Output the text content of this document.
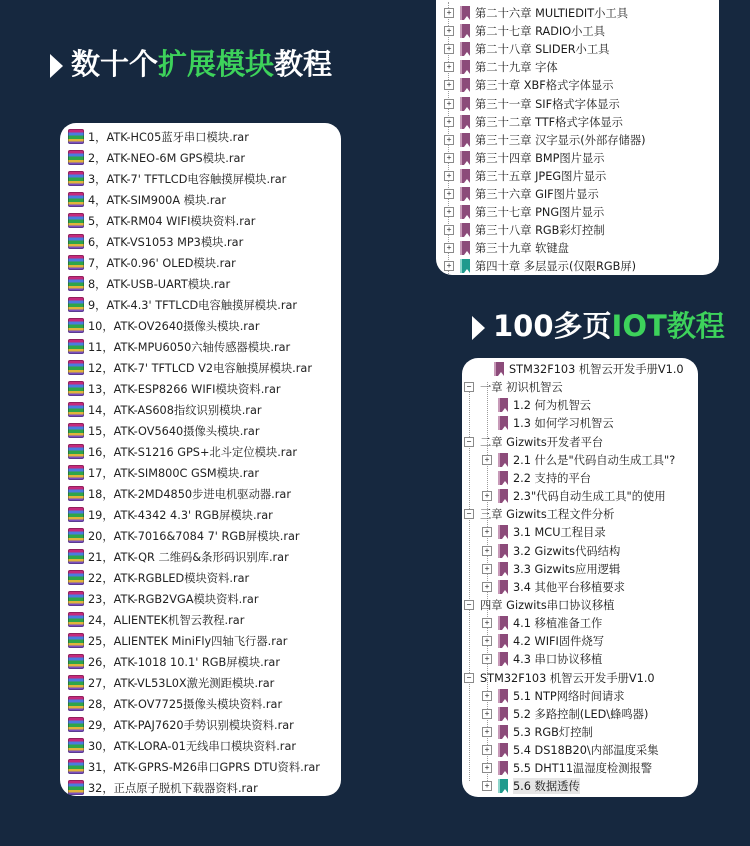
数十个扩展模块教程
100多页IOT教程
1，ATK-HC05蓝牙串口模块.rar
2，ATK-NEO-6M GPS模块.rar
3，ATK-7' TFTLCD电容触摸屏模块.rar
4，ATK-SIM900A 模块.rar
5，ATK-RM04 WIFI模块资料.rar
6，ATK-VS1053 MP3模块.rar
7，ATK-0.96' OLED模块.rar
8，ATK-USB-UART模块.rar
9，ATK-4.3' TFTLCD电容触摸屏模块.rar
10，ATK-OV2640摄像头模块.rar
11，ATK-MPU6050六轴传感器模块.rar
12，ATK-7' TFTLCD V2电容触摸屏模块.rar
13，ATK-ESP8266 WIFI模块资料.rar
14，ATK-AS608指纹识别模块.rar
15，ATK-OV5640摄像头模块.rar
16，ATK-S1216 GPS+北斗定位模块.rar
17，ATK-SIM800C GSM模块.rar
18，ATK-2MD4850步进电机驱动器.rar
19，ATK-4342 4.3' RGB屏模块.rar
20，ATK-7016&7084 7' RGB屏模块.rar
21，ATK-QR 二维码&条形码识别库.rar
22，ATK-RGBLED模块资料.rar
23，ATK-RGB2VGA模块资料.rar
24，ALIENTEK机智云教程.rar
25，ALIENTEK MiniFly四轴飞行器.rar
26，ATK-1018 10.1' RGB屏模块.rar
27，ATK-VL53L0X激光测距模块.rar
28，ATK-OV7725摄像头模块资料.rar
29，ATK-PAJ7620手势识别模块资料.rar
30，ATK-LORA-01无线串口模块资料.rar
31，ATK-GPRS-M26串口GPRS DTU资料.rar
32，正点原子脱机下载器资料.rar
+ 第二十六章 MULTIEDIT小工具
+ 第二十七章 RADIO小工具
+ 第二十八章 SLIDER小工具
+ 第二十九章 字体
+ 第三十章 XBF格式字体显示
+ 第三十一章 SIF格式字体显示
+ 第三十二章 TTF格式字体显示
+ 第三十三章 汉字显示(外部存储器)
+ 第三十四章 BMP图片显示
+ 第三十五章 JPEG图片显示
+ 第三十六章 GIF图片显示
+ 第三十七章 PNG图片显示
+ 第三十八章 RGB彩灯控制
+ 第三十九章 软键盘
+ 第四十章 多层显示(仅限RGB屏)
STM32F103 机智云开发手册V1.0
− 一章 初识机智云
1.2 何为机智云
1.3 如何学习机智云
− 二章 Gizwits开发者平台
+ 2.1 什么是"代码自动生成工具"?
2.2 支持的平台
+ 2.3"代码自动生成工具"的使用
− 三章 Gizwits工程文件分析
+ 3.1 MCU工程目录
+ 3.2 Gizwits代码结构
+ 3.3 Gizwits应用逻辑
+ 3.4 其他平台移植要求
− 四章 Gizwits串口协议移植
+ 4.1 移植准备工作
+ 4.2 WIFI固件烧写
+ 4.3 串口协议移植
− STM32F103 机智云开发手册V1.0
+ 5.1 NTP网络时间请求
+ 5.2 多路控制(LED\蜂鸣器)
+ 5.3 RGB灯控制
+ 5.4 DS18B20\内部温度采集
+ 5.5 DHT11温湿度检测报警
+ 5.6 数据透传
